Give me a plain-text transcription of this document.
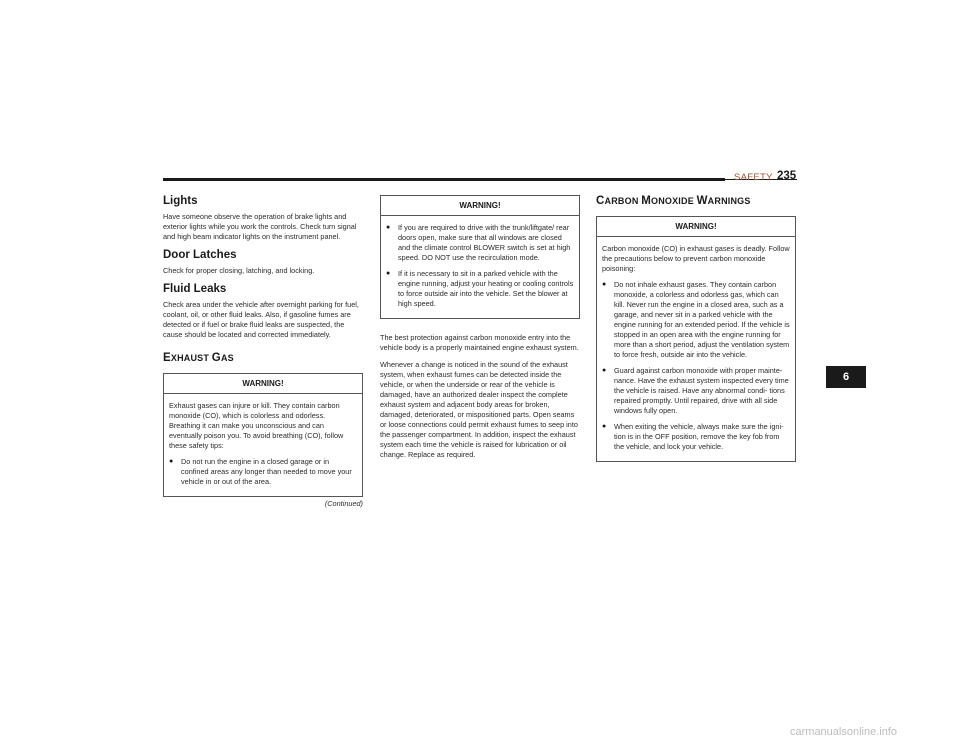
SAFETY 235
Lights

Have someone observe the operation of brake lights and exterior lights while you work the controls. Check turn signal and high beam indicator lights on the instrument panel.

Door Latches

Check for proper closing, latching, and locking.

Fluid Leaks

Check area under the vehicle after overnight parking for fuel, coolant, oil, or other fluid leaks. Also, if gasoline fumes are detected or if fuel or brake fluid leaks are suspected, the cause should be located and corrected immediately.

EXHAUST GAS
WARNING!

Exhaust gases can injure or kill. They contain carbon monoxide (CO), which is colorless and odorless. Breathing it can make you unconscious and can eventually poison you. To avoid breathing (CO), follow these safety tips:

●	Do not run the engine in a closed garage or in confined areas any longer than needed to move your vehicle in or out of the area.
(Continued)
WARNING!
●	If you are required to drive with the trunk/liftgate/ rear doors open, make sure that all windows are closed and the climate control BLOWER switch is set at high speed. DO NOT use the recirculation mode.
●	If it is necessary to sit in a parked vehicle with the engine running, adjust your heating or cooling controls to force outside air into the vehicle. Set the blower at high speed.

The best protection against carbon monoxide entry into the vehicle body is a properly maintained engine exhaust system.

Whenever a change is noticed in the sound of the exhaust system, when exhaust fumes can be detected inside the vehicle, or when the underside or rear of the vehicle is damaged, have an authorized dealer inspect the complete exhaust system and adjacent body areas for broken, damaged, deteriorated, or mispositioned parts. Open seams or loose connections could permit exhaust fumes to seep into the passenger compartment. In addition, inspect the exhaust system each time the vehicle is raised for lubrication or oil change. Replace as required.

CARBON MONOXIDE WARNINGS
WARNING!

Carbon monoxide (CO) in exhaust gases is deadly. Follow the precautions below to prevent carbon monoxide poisoning:

●	Do not inhale exhaust gases. They contain carbon monoxide, a colorless and odorless gas, which can kill. Never run the engine in a closed area, such as a garage, and never sit in a parked vehicle with the engine running for an extended period. If the vehicle is stopped in an open area with the engine running for more than a short period, adjust the ventilation system to force fresh, outside air into the vehicle.
●	Guard against carbon monoxide with proper mainte- nance. Have the exhaust system inspected every time the vehicle is raised. Have any abnormal condi- tions repaired promptly. Until repaired, drive with all side windows fully open.
●	When exiting the vehicle, always make sure the igni- tion is in the OFF position, remove the key fob from the vehicle, and lock your vehicle.
6
carmanualsonline.info
